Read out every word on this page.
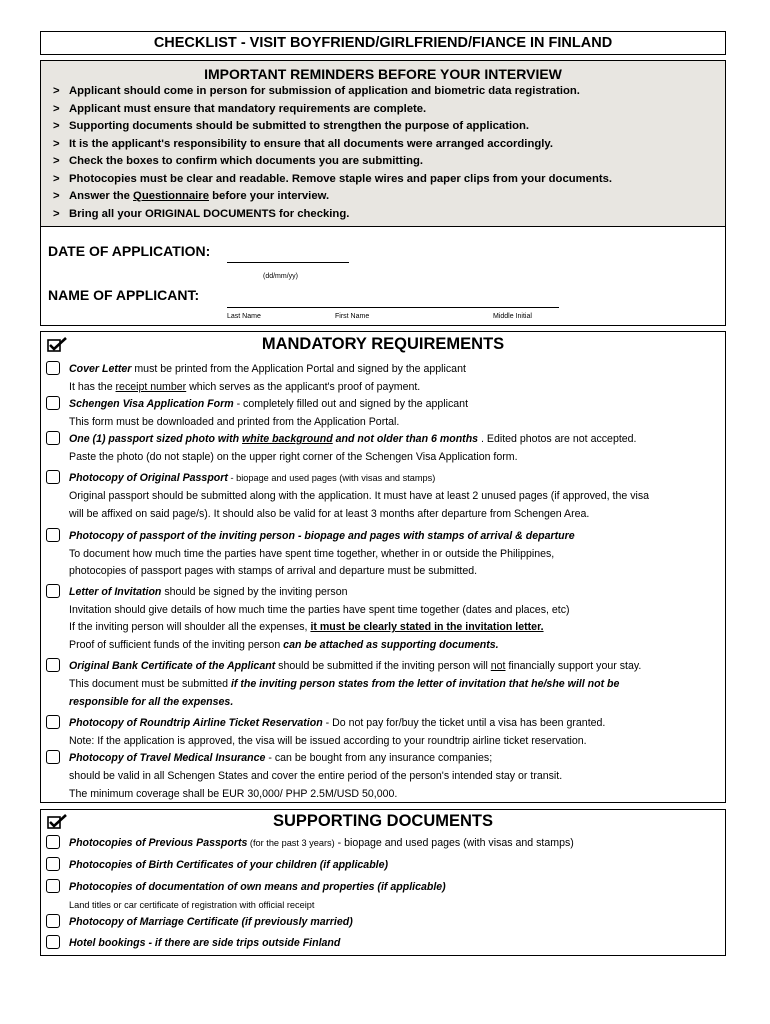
CHECKLIST - VISIT BOYFRIEND/GIRLFRIEND/FIANCE IN FINLAND
IMPORTANT REMINDERS BEFORE YOUR INTERVIEW
> Applicant should come in person for submission of application and biometric data registration.
> Applicant must ensure that mandatory requirements are complete.
> Supporting documents should be submitted to strengthen the purpose of application.
> It is the applicant's responsibility to ensure that all documents were arranged accordingly.
> Check the boxes to confirm which documents you are submitting.
> Photocopies must be clear and readable. Remove staple wires and paper clips from your documents.
> Answer the Questionnaire before your interview.
> Bring all your ORIGINAL DOCUMENTS for checking.
DATE OF APPLICATION:
(dd/mm/yy)
NAME OF APPLICANT:
Last Name	First Name	Middle Initial
MANDATORY REQUIREMENTS
Cover Letter must be printed from the Application Portal and signed by the applicant
It has the receipt number which serves as the applicant's proof of payment.
Schengen Visa Application Form - completely filled out and signed by the applicant
This form must be downloaded and printed from the Application Portal.
One (1) passport sized photo with white background and not older than 6 months . Edited photos are not accepted.
Paste the photo (do not staple) on the upper right corner of the Schengen Visa Application form.
Photocopy of Original Passport - biopage and used pages (with visas and stamps)
Original passport should be submitted along with the application. It must have at least 2 unused pages (if approved, the visa
will be affixed on said page/s). It should also be valid for at least 3 months after departure from Schengen Area.
Photocopy of passport of the inviting person - biopage and pages with stamps of arrival & departure
To document how much time the parties have spent time together, whether in or outside the Philippines,
photocopies of passport pages with stamps of arrival and departure must be submitted.
Letter of Invitation should be signed by the inviting person
Invitation should give details of how much time the parties have spent time together (dates and places, etc)
If the inviting person will shoulder all the expenses, it must be clearly stated in the invitation letter.
Proof of sufficient funds of the inviting person can be attached as supporting documents.
Original Bank Certificate of the Applicant should be submitted if the inviting person will not financially support your stay.
This document must be submitted if the inviting person states from the letter of invitation that he/she will not be
responsible for all the expenses.
Photocopy of Roundtrip Airline Ticket Reservation - Do not pay for/buy the ticket until a visa has been granted.
Note: If the application is approved, the visa will be issued according to your roundtrip airline ticket reservation.
Photocopy of Travel Medical Insurance - can be bought from any insurance companies;
should be valid in all Schengen States and cover the entire period of the person's intended stay or transit.
The minimum coverage shall be EUR 30,000/ PHP 2.5M/USD 50,000.
SUPPORTING DOCUMENTS
Photocopies of Previous Passports (for the past 3 years) - biopage and used pages (with visas and stamps)
Photocopies of Birth Certificates of your children (if applicable)
Photocopies of documentation of own means and properties (if applicable)
Land titles or car certificate of registration with official receipt
Photocopy of Marriage Certificate (if previously married)
Hotel bookings - if there are side trips outside Finland
